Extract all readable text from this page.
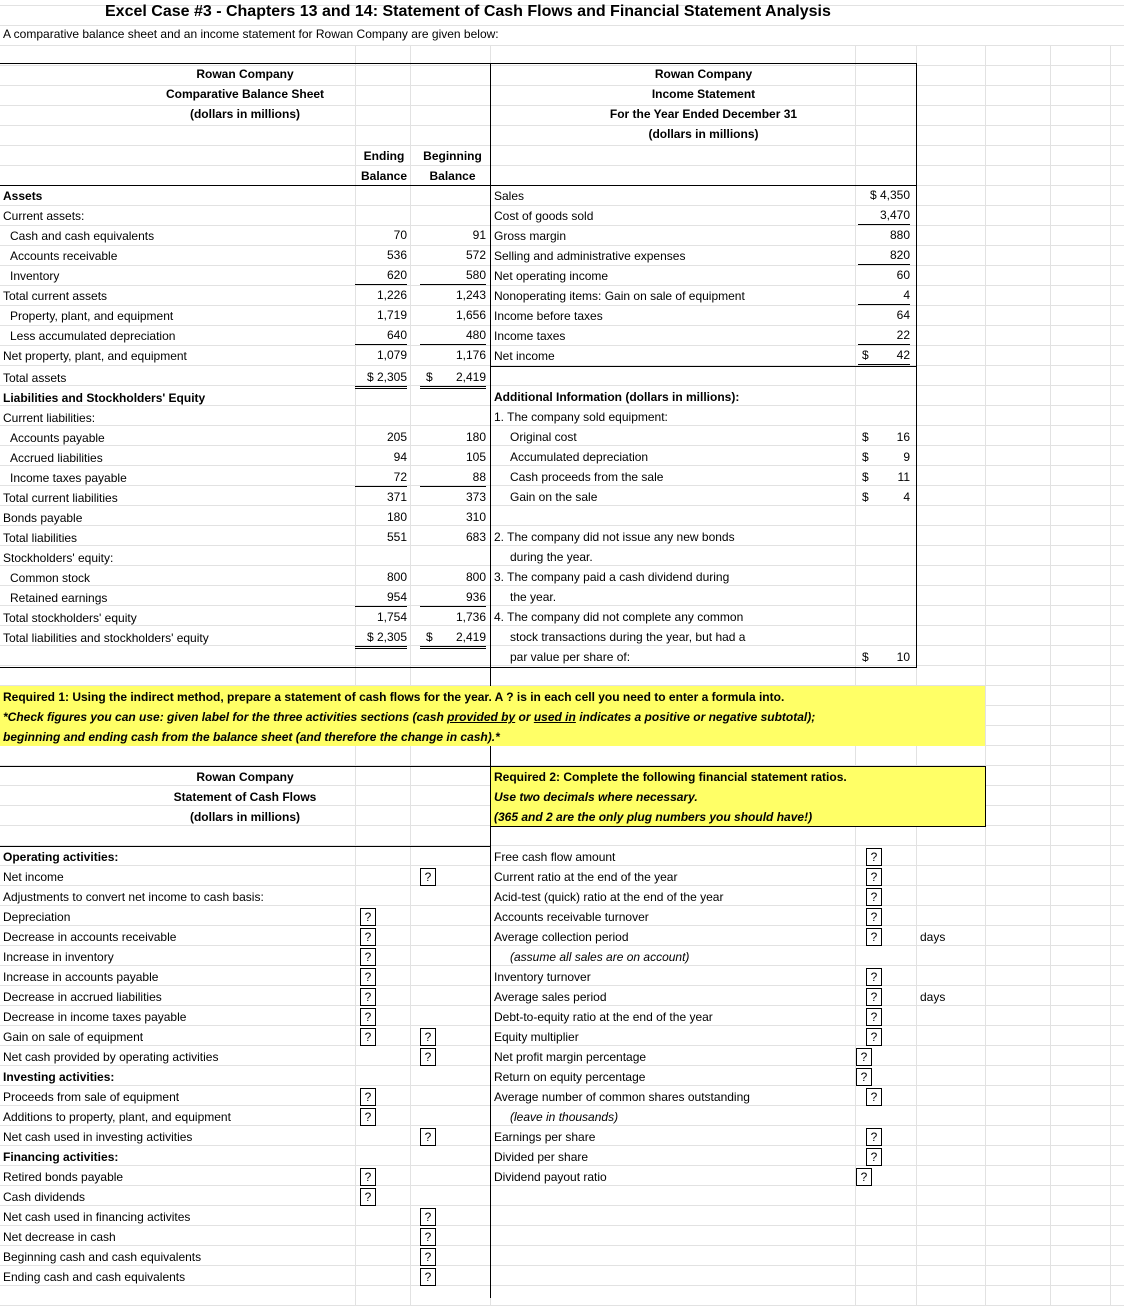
Excel Case #3 - Chapters 13 and 14: Statement of Cash Flows and Financial Statement Analysis
A comparative balance sheet and an income statement for Rowan Company are given below:
Rowan Company
Comparative Balance Sheet
(dollars in millions)
Ending
Balance
Beginning
Balance
Assets
Current assets:
Cash and cash equivalents	70	91
Accounts receivable	536	572
Inventory	620	580
Total current assets	1,226	1,243
Property, plant, and equipment	1,719	1,656
Less accumulated depreciation	640	480
Net property, plant, and equipment	1,079	1,176
Total assets	$ 2,305	2,419
$
Liabilities and Stockholders' Equity
Current liabilities:
Accounts payable	205	180
Accrued liabilities	94	105
Income taxes payable	72	88
Total current liabilities	371	373
Bonds payable	180	310
Total liabilities	551	683
Stockholders' equity:
Common stock	800	800
Retained earnings	954	936
Total stockholders' equity	1,754	1,736
Total liabilities and stockholders' equity	$ 2,305	2,419
$
Rowan Company
Income Statement
For the Year Ended December 31
(dollars in millions)
Sales	$ 4,350
Cost of goods sold	3,470
Gross margin	880
Selling and administrative expenses	820
Net operating income	60
Nonoperating items: Gain on sale of equipment	4
Income before taxes	64
Income taxes	22
Net income	42
$
Additional Information (dollars in millions):
1. The company sold equipment:
Original cost	$	16
Accumulated depreciation	$	9
Cash proceeds from the sale	$	11
Gain on the sale	$	4
2. The company did not issue any new bonds
during the year.
3. The company paid a cash dividend during
the year.
4. The company did not complete any common
stock transactions during the year, but had a
par value per share of:	$	10
Required 1: Using the indirect method, prepare a statement of cash flows for the year. A ? is in each cell you need to enter a formula into.
*Check figures you can use: given label for the three activities sections (cash provided by or used in indicates a positive or negative subtotal);
beginning and ending cash from the balance sheet (and therefore the change in cash).*
Rowan Company
Statement of Cash Flows
(dollars in millions)
Operating activities:
Net income	?
Adjustments to convert net income to cash basis:
Depreciation	?
Decrease in accounts receivable	?
Increase in inventory	?
Increase in accounts payable	?
Decrease in accrued liabilities	?
Decrease in income taxes payable	?
Gain on sale of equipment	?	?
Net cash provided by operating activities	?
Investing activities:
Proceeds from sale of equipment	?
Additions to property, plant, and equipment	?
Net cash used in investing activities	?
Financing activities:
Retired bonds payable	?
Cash dividends	?
Net cash used in financing activites	?
Net decrease in cash	?
Beginning cash and cash equivalents	?
Ending cash and cash equivalents	?
Required 2: Complete the following financial statement ratios.
Use two decimals where necessary.
(365 and 2 are the only plug numbers you should have!)
Free cash flow amount	?
Current ratio at the end of the year	?
Acid-test (quick) ratio at the end of the year	?
Accounts receivable turnover	?
Average collection period	?	days
(assume all sales are on account)
Inventory turnover	?
Average sales period	?	days
Debt-to-equity ratio at the end of the year	?
Equity multiplier	?
Net profit margin percentage	?
Return on equity percentage	?
Average number of common shares outstanding	?
(leave in thousands)
Earnings per share	?
Divided per share	?
Dividend payout ratio	?
